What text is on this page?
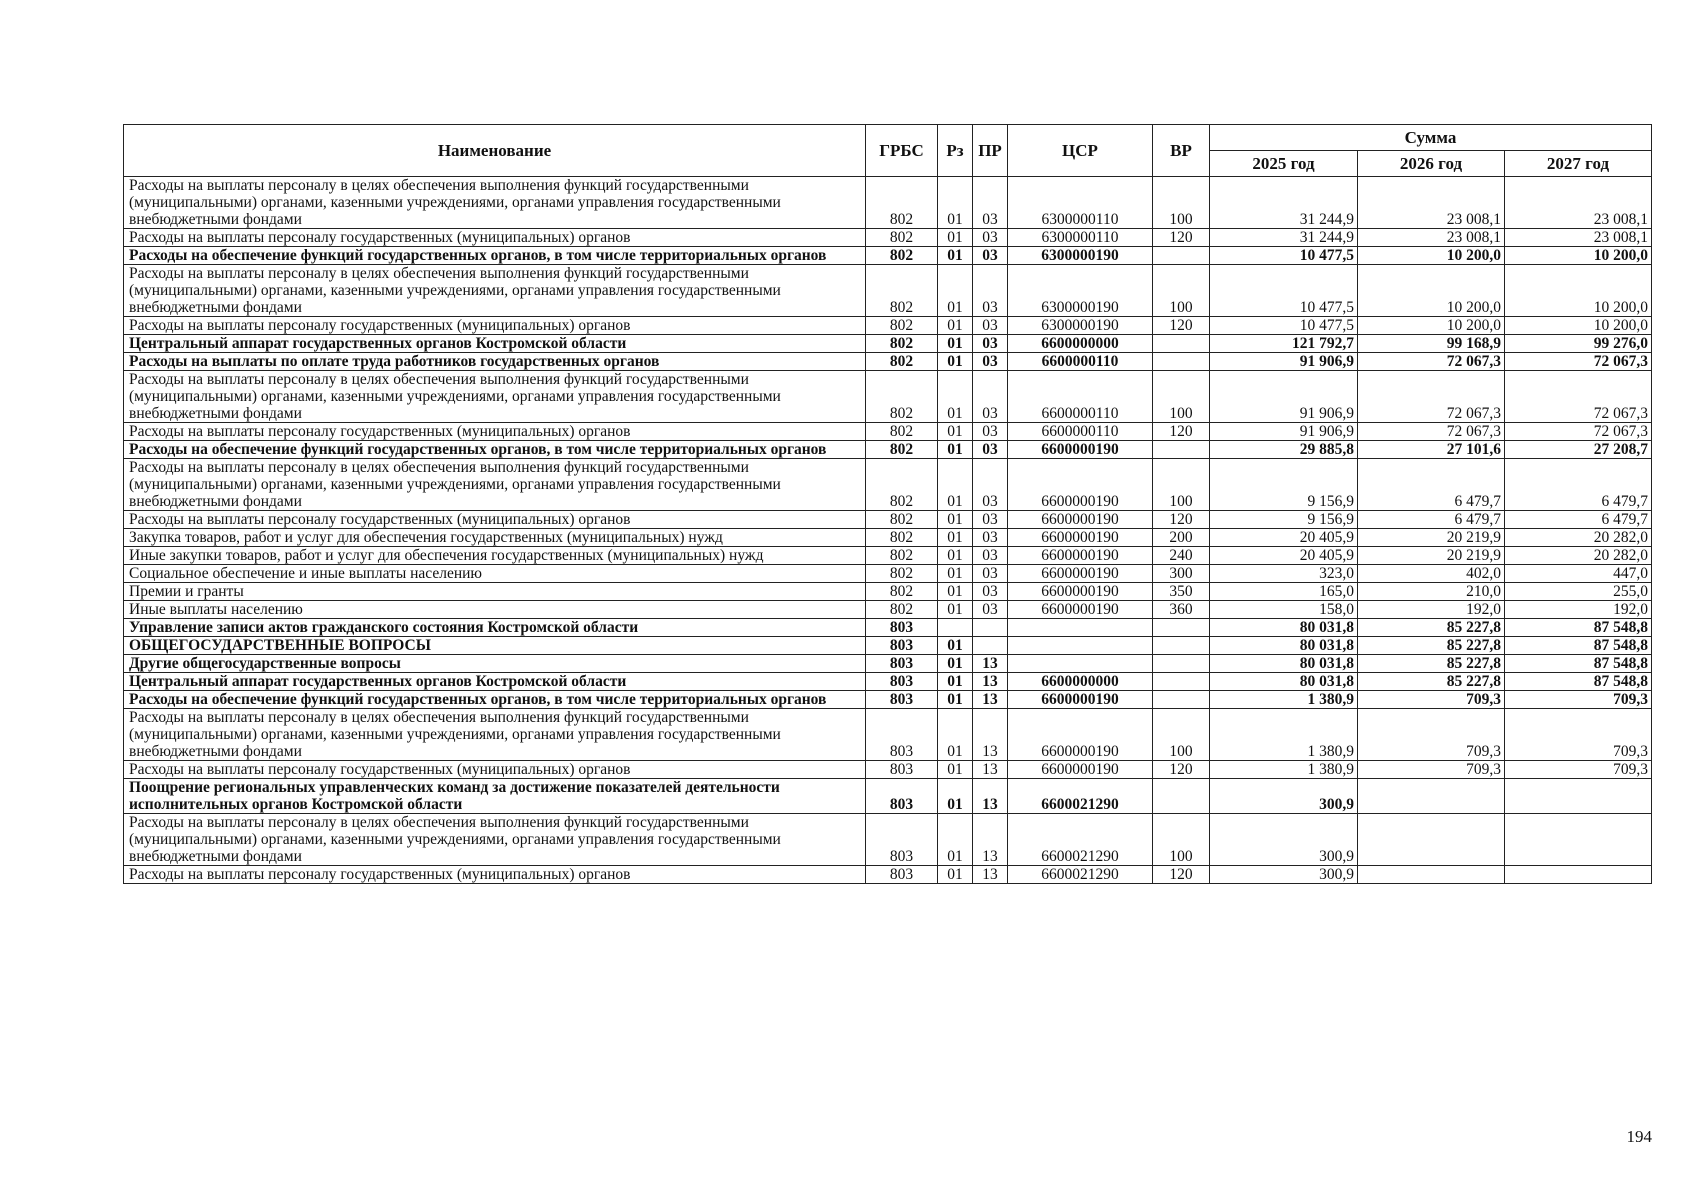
Наименование	ГРБС	Рз	ПР	ЦСР	ВР	Сумма		
						2025 год	2026 год	2027 год
Расходы на выплаты персоналу в целях обеспечения выполнения функций государственными (муниципальными) органами, казенными учреждениями, органами управления государственными внебюджетными фондами	802	01	03	6300000110	100	31 244,9	23 008,1	23 008,1
Расходы на выплаты персоналу государственных (муниципальных) органов	802	01	03	6300000110	120	31 244,9	23 008,1	23 008,1
Расходы на обеспечение функций государственных органов, в том числе территориальных органов	802	01	03	6300000190		10 477,5	10 200,0	10 200,0
Расходы на выплаты персоналу в целях обеспечения выполнения функций государственными (муниципальными) органами, казенными учреждениями, органами управления государственными внебюджетными фондами	802	01	03	6300000190	100	10 477,5	10 200,0	10 200,0
Расходы на выплаты персоналу государственных (муниципальных) органов	802	01	03	6300000190	120	10 477,5	10 200,0	10 200,0
Центральный аппарат государственных органов Костромской области	802	01	03	6600000000		121 792,7	99 168,9	99 276,0
Расходы на выплаты по оплате труда работников государственных органов	802	01	03	6600000110		91 906,9	72 067,3	72 067,3
Расходы на выплаты персоналу в целях обеспечения выполнения функций государственными (муниципальными) органами, казенными учреждениями, органами управления государственными внебюджетными фондами	802	01	03	6600000110	100	91 906,9	72 067,3	72 067,3
Расходы на выплаты персоналу государственных (муниципальных) органов	802	01	03	6600000110	120	91 906,9	72 067,3	72 067,3
Расходы на обеспечение функций государственных органов, в том числе территориальных органов	802	01	03	6600000190		29 885,8	27 101,6	27 208,7
Расходы на выплаты персоналу в целях обеспечения выполнения функций государственными (муниципальными) органами, казенными учреждениями, органами управления государственными внебюджетными фондами	802	01	03	6600000190	100	9 156,9	6 479,7	6 479,7
Расходы на выплаты персоналу государственных (муниципальных) органов	802	01	03	6600000190	120	9 156,9	6 479,7	6 479,7
Закупка товаров, работ и услуг для обеспечения государственных (муниципальных) нужд	802	01	03	6600000190	200	20 405,9	20 219,9	20 282,0
Иные закупки товаров, работ и услуг для обеспечения государственных (муниципальных) нужд	802	01	03	6600000190	240	20 405,9	20 219,9	20 282,0
Социальное обеспечение и иные выплаты населению	802	01	03	6600000190	300	323,0	402,0	447,0
Премии и гранты	802	01	03	6600000190	350	165,0	210,0	255,0
Иные выплаты населению	802	01	03	6600000190	360	158,0	192,0	192,0
Управление записи актов гражданского состояния Костромской области	803					80 031,8	85 227,8	87 548,8
ОБЩЕГОСУДАРСТВЕННЫЕ ВОПРОСЫ	803	01				80 031,8	85 227,8	87 548,8
Другие общегосударственные вопросы	803	01	13			80 031,8	85 227,8	87 548,8
Центральный аппарат государственных органов Костромской области	803	01	13	6600000000		80 031,8	85 227,8	87 548,8
Расходы на обеспечение функций государственных органов, в том числе территориальных органов	803	01	13	6600000190		1 380,9	709,3	709,3
Расходы на выплаты персоналу в целях обеспечения выполнения функций государственными (муниципальными) органами, казенными учреждениями, органами управления государственными внебюджетными фондами	803	01	13	6600000190	100	1 380,9	709,3	709,3
Расходы на выплаты персоналу государственных (муниципальных) органов	803	01	13	6600000190	120	1 380,9	709,3	709,3
Поощрение региональных управленческих команд за достижение показателей деятельности исполнительных органов Костромской области	803	01	13	6600021290		300,9		
Расходы на выплаты персоналу в целях обеспечения выполнения функций государственными (муниципальными) органами, казенными учреждениями, органами управления государственными внебюджетными фондами	803	01	13	6600021290	100	300,9		
Расходы на выплаты персоналу государственных (муниципальных) органов	803	01	13	6600021290	120	300,9		
194
